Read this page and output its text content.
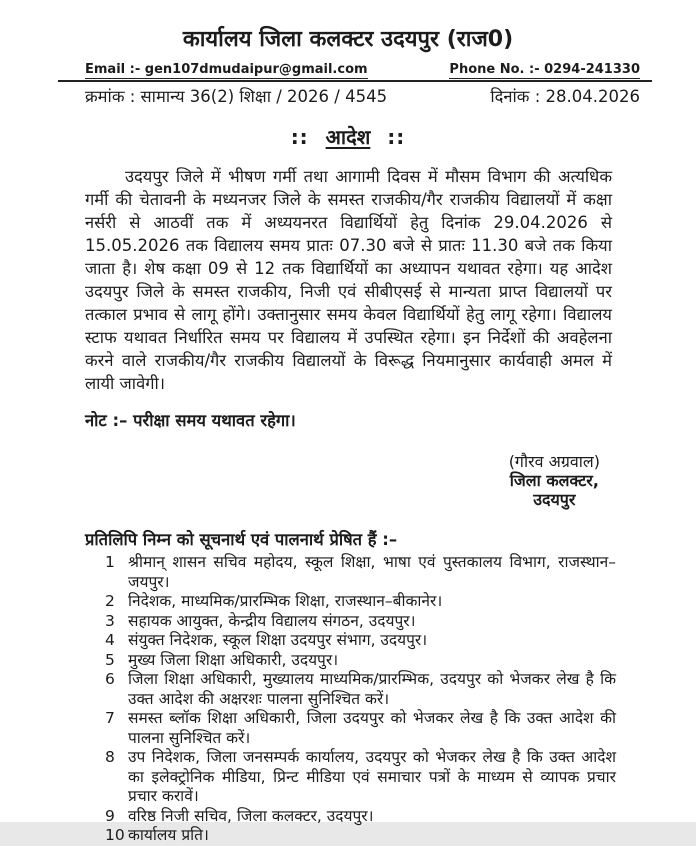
कार्यालय जिला कलक्टर उदयपुर (राज0)
Email :- gen107dmudaipur@gmail.com	Phone No. :- 0294-241330
क्रमांक : सामान्य 36(2) शिक्षा / 2026 / 4545	दिनांक : 28.04.2026
:: आदेश ::
उदयपुर जिले में भीषण गर्मी तथा आगामी दिवस में मौसम विभाग की अत्यधिक गर्मी की चेतावनी के मध्यनजर जिले के समस्त राजकीय/गैर राजकीय विद्यालयों में कक्षा नर्सरी से आठवीं तक में अध्ययनरत विद्यार्थियों हेतु दिनांक 29.04.2026 से 15.05.2026 तक विद्यालय समय प्रातः 07.30 बजे से प्रातः 11.30 बजे तक किया जाता है। शेष कक्षा 09 से 12 तक विद्यार्थियों का अध्यापन यथावत रहेगा। यह आदेश उदयपुर जिले के समस्त राजकीय, निजी एवं सीबीएसई से मान्यता प्राप्त विद्यालयों पर तत्काल प्रभाव से लागू होंगे। उक्तानुसार समय केवल विद्यार्थियों हेतु लागू रहेगा। विद्यालय स्टाफ यथावत निर्धारित समय पर विद्यालय में उपस्थित रहेगा। इन निर्देशों की अवहेलना करने वाले राजकीय/गैर राजकीय विद्यालयों के विरूद्ध नियमानुसार कार्यवाही अमल में लायी जावेगी।
नोट :– परीक्षा समय यथावत रहेगा।
(गौरव अग्रवाल)
जिला कलक्टर,
उदयपुर
प्रतिलिपि निम्न को सूचनार्थ एवं पालनार्थ प्रेषित हैं :–
1 श्रीमान् शासन सचिव महोदय, स्कूल शिक्षा, भाषा एवं पुस्तकालय विभाग, राजस्थान–जयपुर।
2 निदेशक, माध्यमिक/प्रारम्भिक शिक्षा, राजस्थान–बीकानेर।
3 सहायक आयुक्त, केन्द्रीय विद्यालय संगठन, उदयपुर।
4 संयुक्त निदेशक, स्कूल शिक्षा उदयपुर संभाग, उदयपुर।
5 मुख्य जिला शिक्षा अधिकारी, उदयपुर।
6 जिला शिक्षा अधिकारी, मुख्यालय माध्यमिक/प्रारम्भिक, उदयपुर को भेजकर लेख है कि उक्त आदेश की अक्षरशः पालना सुनिश्चित करें।
7 समस्त ब्लॉक शिक्षा अधिकारी, जिला उदयपुर को भेजकर लेख है कि उक्त आदेश की पालना सुनिश्चित करें।
8 उप निदेशक, जिला जनसम्पर्क कार्यालय, उदयपुर को भेजकर लेख है कि उक्त आदेश का इलेक्ट्रोनिक मीडिया, प्रिन्ट मीडिया एवं समाचार पत्रों के माध्यम से व्यापक प्रचार प्रचार करावें।
9 वरिष्ठ निजी सचिव, जिला कलक्टर, उदयपुर।
10 कार्यालय प्रति।
